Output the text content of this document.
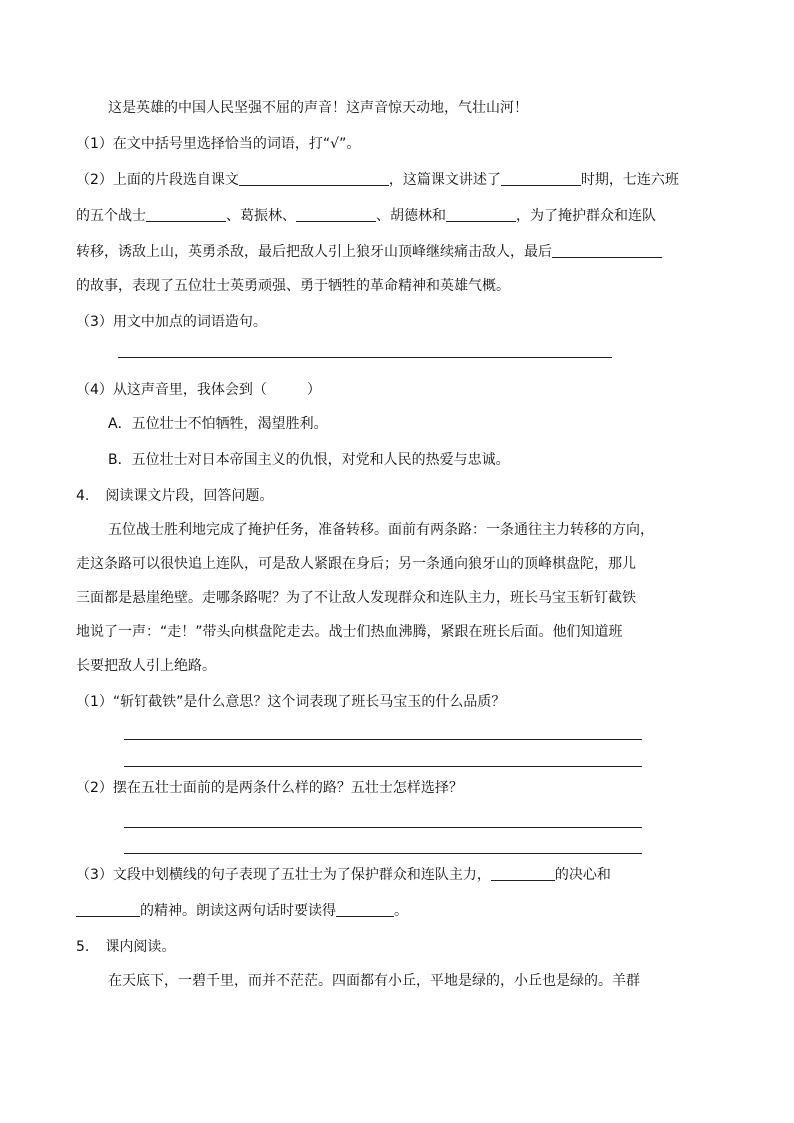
这是英雄的中国人民坚强不屈的声音！这声音惊天动地，气壮山河！
（1）在文中括号里选择恰当的词语，打“√”。
（2）上面的片段选自课文	，这篇课文讲述了	时期，七连六班
的五个战士	、葛振林、	、胡德林和	，为了掩护群众和连队
转移，诱敌上山，英勇杀敌，最后把敌人引上狼牙山顶峰继续痛击敌人，最后
的故事，表现了五位壮士英勇顽强、勇于牺牲的革命精神和英雄气概。
（3）用文中加点的词语造句。
（4）从这声音里，我体会到（	）
A．五位壮士不怕牺牲，渴望胜利。
B．五位壮士对日本帝国主义的仇恨，对党和人民的热爱与忠诚。
4. 阅读课文片段，回答问题。
五位战士胜利地完成了掩护任务，准备转移。面前有两条路：一条通往主力转移的方向，
走这条路可以很快追上连队，可是敌人紧跟在身后；另一条通向狼牙山的顶峰棋盘陀，那儿
三面都是悬崖绝壁。走哪条路呢？为了不让敌人发现群众和连队主力，班长马宝玉斩钉截铁
地说了一声：“走！”带头向棋盘陀走去。战士们热血沸腾，紧跟在班长后面。他们知道班
长要把敌人引上绝路。
（1）“斩钉截铁”是什么意思？这个词表现了班长马宝玉的什么品质？
（2）摆在五壮士面前的是两条什么样的路？五壮士怎样选择？
（3）文段中划横线的句子表现了五壮士为了保护群众和连队主力，	的决心和
的精神。朗读这两句话时要读得	。
5. 课内阅读。
在天底下，一碧千里，而并不茫茫。四面都有小丘，平地是绿的，小丘也是绿的。羊群
